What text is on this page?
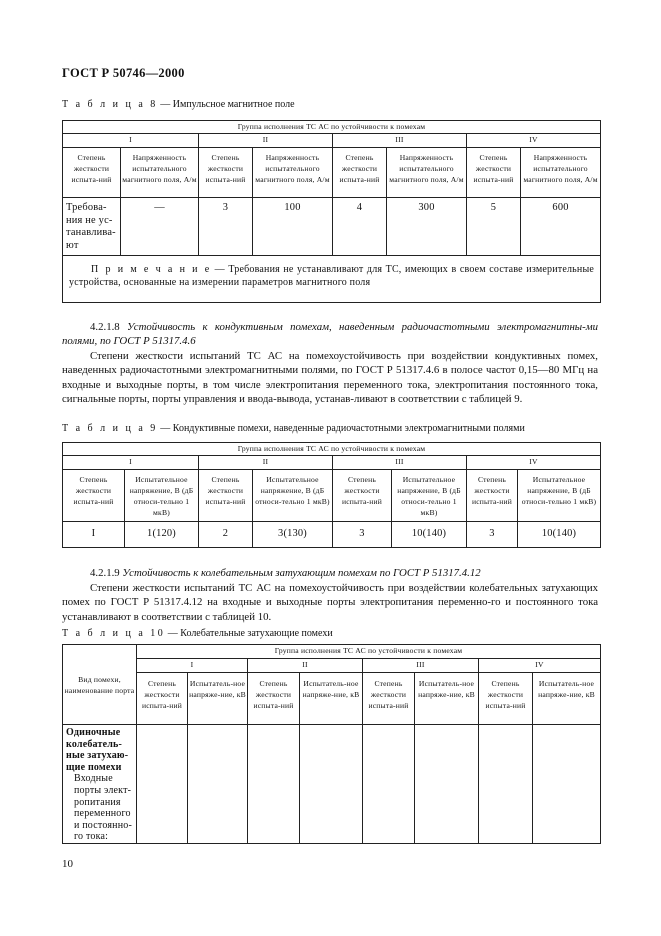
ГОСТ Р 50746—2000
Т а б л и ц а 8 — Импульсное магнитное поле
Группа исполнения ТС АС по устойчивости к помехам							
I		II		III		IV	
Степень жесткости испыта-ний	Напряженность испытательного магнитного поля, А/м	Степень жесткости испыта-ний	Напряженность испытательного магнитного поля, А/м	Степень жесткости испыта-ний	Напряженность испытательного магнитного поля, А/м	Степень жесткости испыта-ний	Напряженность испытательного магнитного поля, А/м
Требова-ния не ус-танавлива-ют	—	3	100	4	300	5	600
П р и м е ч а н и е — Требования не устанавливают для ТС, имеющих в своем составе измерительные устройства, основанные на измерении параметров магнитного поля							
4.2.1.8 Устойчивость к кондуктивным помехам, наведенным радиочастотными электромагнитны-ми полями, по ГОСТ Р 51317.4.6
Степени жесткости испытаний ТС АС на помехоустойчивость при воздействии кондуктивных помех, наведенных радиочастотными электромагнитными полями, по ГОСТ Р 51317.4.6 в полосе частот 0,15—80 МГц на входные и выходные порты, в том числе электропитания переменного тока, электропитания постоянного тока, сигнальные порты, порты управления и ввода-вывода, устанав-ливают в соответствии с таблицей 9.
Т а б л и ц а 9 — Кондуктивные помехи, наведенные радиочастотными электромагнитными полями
Группа исполнения ТС АС по устойчивости к помехам							
I		II		III		IV	
Степень жесткости испыта-ний	Испытательное напряжение, В (дБ относи-тельно 1 мкВ)	Степень жесткости испыта-ний	Испытательное напряжение, В (дБ относи-тельно 1 мкВ)	Степень жесткости испыта-ний	Испытательное напряжение, В (дБ относи-тельно 1 мкВ)	Степень жесткости испыта-ний	Испытательное напряжение, В (дБ относи-тельно 1 мкВ)
I	1(120)	2	3(130)	3	10(140)	3	10(140)
4.2.1.9 Устойчивость к колебательным затухающим помехам по ГОСТ Р 51317.4.12
Степени жесткости испытаний ТС АС на помехоустойчивость при воздействии колебательных затухающих помех по ГОСТ Р 51317.4.12 на входные и выходные порты электропитания переменно-го и постоянного тока устанавливают в соответствии с таблицей 10.
Т а б л и ц а 10 — Колебательные затухающие помехи
Вид помехи, наименование порта	Группа исполнения ТС АС по устойчивости к помехам							
	I		II		III		IV	
	Степень жесткости испыта-ний	Испытатель-ное напряже-ние, кВ	Степень жесткости испыта-ний	Испытатель-ное напряже-ние, кВ	Степень жесткости испыта-ний	Испытатель-ное напряже-ние, кВ	Степень жесткости испыта-ний	Испытатель-ное напряже-ние, кВ

Одиночные колебатель-ные затухаю-щие помехи
Входные порты элект-ропитания переменного и постоянно-го тока:								

10
